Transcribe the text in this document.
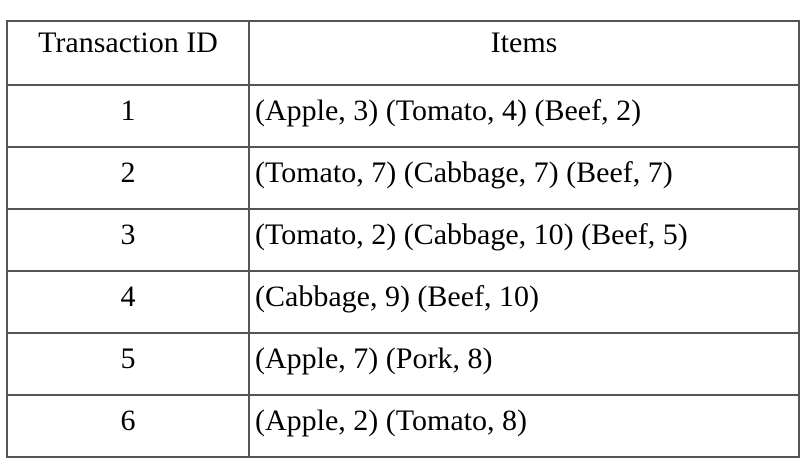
Transaction ID	Items
1	(Apple, 3) (Tomato, 4) (Beef, 2)
2	(Tomato, 7) (Cabbage, 7) (Beef, 7)
3	(Tomato, 2) (Cabbage, 10) (Beef, 5)
4	(Cabbage, 9) (Beef, 10)
5	(Apple, 7) (Pork, 8)
6	(Apple, 2) (Tomato, 8)
